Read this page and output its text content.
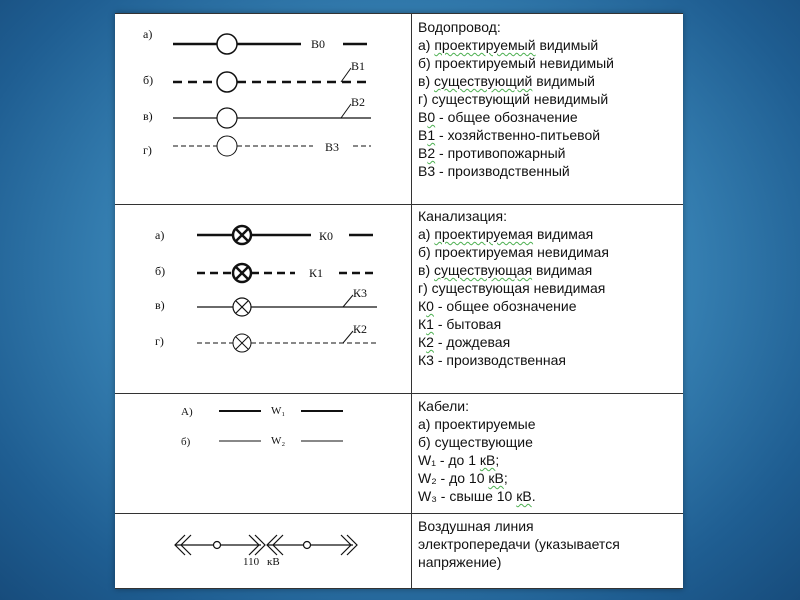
а)
В0
б)
В1
в)
В2
г)	В3
Водопровод:
а) проектируемый видимый
б) проектируемый невидимый
в) существующий видимый
г) существующий невидимый
В0 - общее обозначение
В1 - хозяйственно-питьевой
В2 - противопожарный
В3 - производственный
а)	К0
б)	К1
в)
К3
г)
К2
Канализация:
а) проектируемая видимая
б) проектируемая невидимая
в) существующая видимая
г) существующая невидимая
К0 - общее обозначение
К1 - бытовая
К2 - дождевая
К3 - производственная
А)	W₁
б)	W₂
Кабели:
а) проектируемые
б) существующие
W₁ - до 1 кВ;
W₂ - до 10 кВ;
W₃ - свыше 10 кВ.
110 кВ
Воздушная линия
электропередачи (указывается
напряжение)
